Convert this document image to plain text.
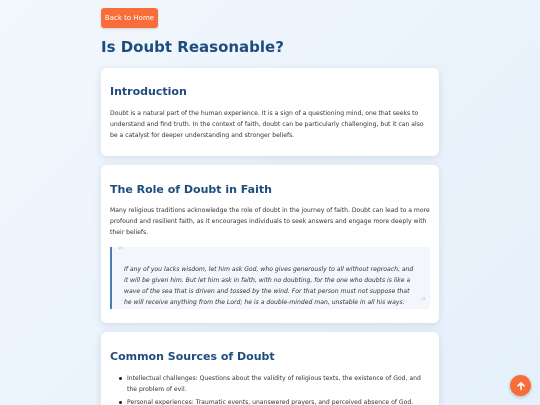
Back to Home
Is Doubt Reasonable?
Introduction

Doubt is a natural part of the human experience. It is a sign of a questioning mind, one that seeks to understand and find truth. In the context of faith, doubt can be particularly challenging, but it can also be a catalyst for deeper understanding and stronger beliefs.

The Role of Doubt in Faith

Many religious traditions acknowledge the role of doubt in the journey of faith. Doubt can lead to a more profound and resilient faith, as it encourages individuals to seek answers and engage more deeply with their beliefs.

“

If any of you lacks wisdom, let him ask God, who gives generously to all without reproach, and it will be given him. But let him ask in faith, with no doubting, for the one who doubts is like a wave of the sea that is driven and tossed by the wind. For that person must not suppose that he will receive anything from the Lord; he is a double-minded man, unstable in all his ways.	”
Common Sources of Doubt
Intellectual challenges: Questions about the validity of religious texts, the existence of God, and the problem of evil.
Personal experiences: Traumatic events, unanswered prayers, and perceived absence of God.
